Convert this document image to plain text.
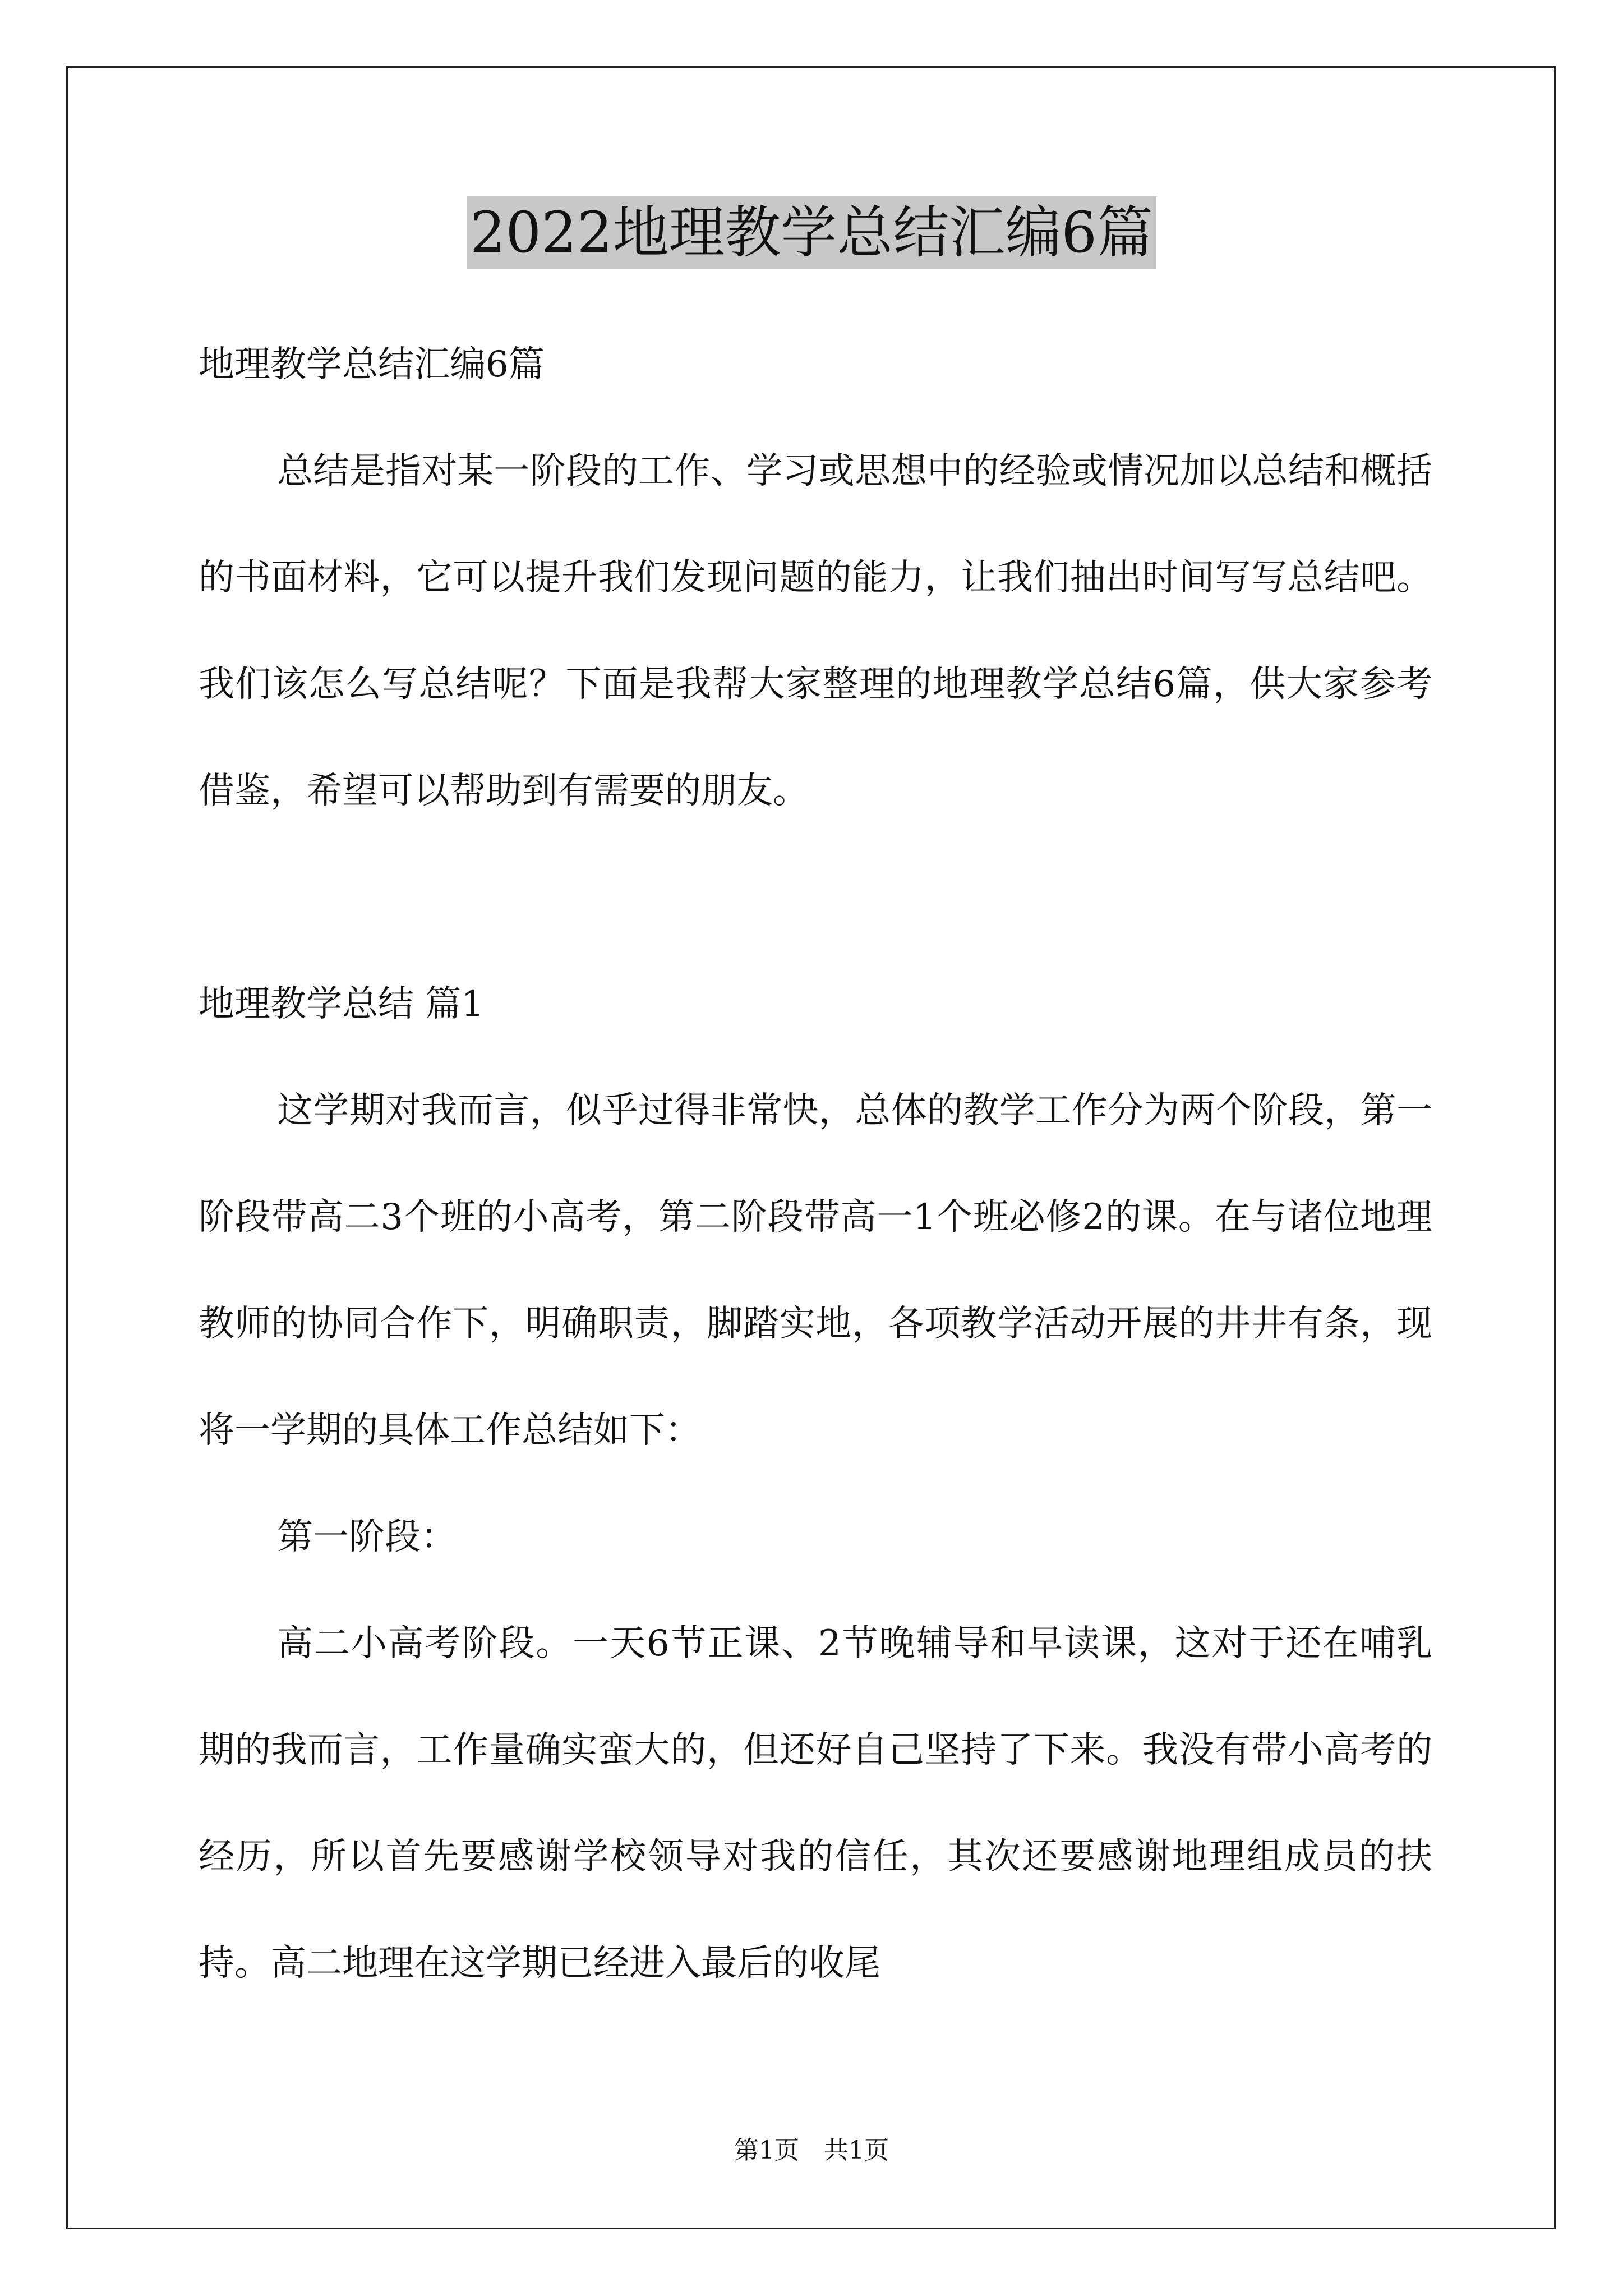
2022地理教学总结汇编6篇

地理教学总结汇编6篇

总结是指对某一阶段的工作、学习或思想中的经验或情况加以总结和概括的书面材料，它可以提升我们发现问题的能力，让我们抽出时间写写总结吧。我们该怎么写总结呢？下面是我帮大家整理的地理教学总结6篇，供大家参考借鉴，希望可以帮助到有需要的朋友。

地理教学总结 篇1

这学期对我而言，似乎过得非常快，总体的教学工作分为两个阶段，第一阶段带高二3个班的小高考，第二阶段带高一1个班必修2的课。在与诸位地理教师的协同合作下，明确职责，脚踏实地，各项教学活动开展的井井有条，现将一学期的具体工作总结如下：

第一阶段：

高二小高考阶段。一天6节正课、2节晚辅导和早读课，这对于还在哺乳期的我而言，工作量确实蛮大的，但还好自己坚持了下来。我没有带小高考的经历，所以首先要感谢学校领导对我的信任，其次还要感谢地理组成员的扶持。高二地理在这学期已经进入最后的收尾

第1页　共1页
